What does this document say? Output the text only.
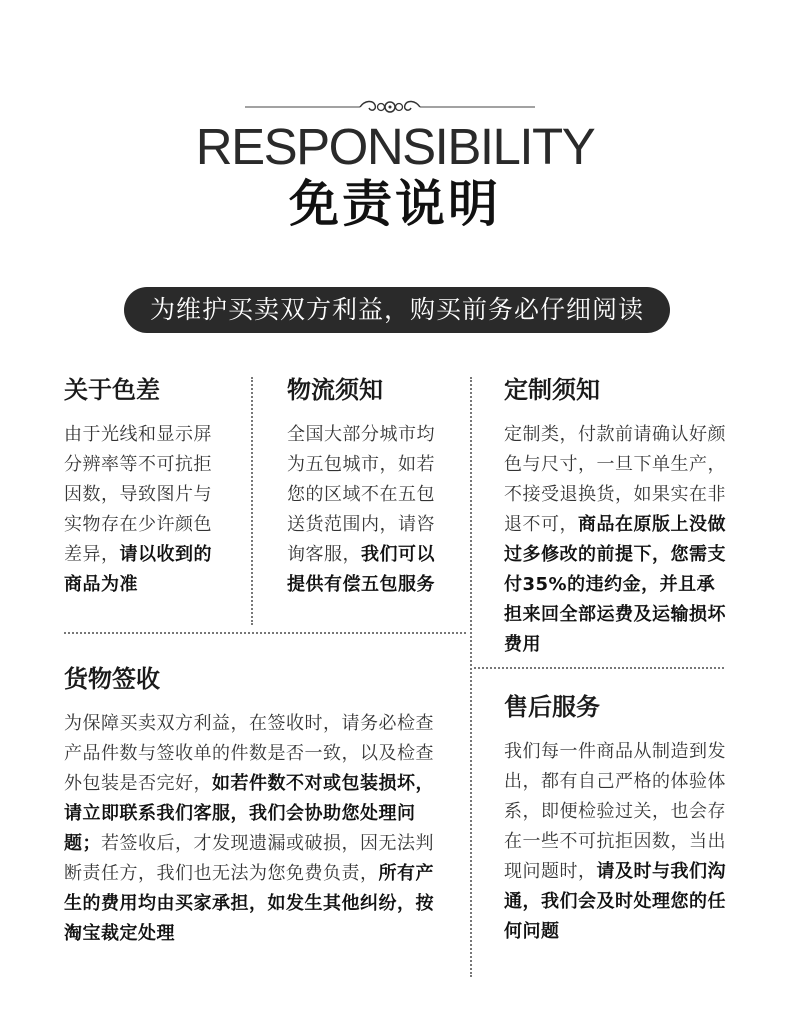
RESPONSIBILITY
免责说明
为维护买卖双方利益，购买前务必仔细阅读
关于色差

由于光线和显示屏分辨率等不可抗拒因数，导致图片与实物存在少许颜色差异，请以收到的商品为准

物流须知

全国大部分城市均为五包城市，如若您的区域不在五包送货范围内，请咨询客服，我们可以提供有偿五包服务

定制须知

定制类，付款前请确认好颜色与尺寸，一旦下单生产，不接受退换货，如果实在非退不可，商品在原版上没做过多修改的前提下，您需支付35%的违约金，并且承担来回全部运费及运输损坏费用

货物签收

为保障买卖双方利益，在签收时，请务必检查产品件数与签收单的件数是否一致，以及检查外包装是否完好，如若件数不对或包装损坏，请立即联系我们客服，我们会协助您处理问题；若签收后，才发现遗漏或破损，因无法判断责任方，我们也无法为您免费负责，所有产生的费用均由买家承担，如发生其他纠纷，按淘宝裁定处理

售后服务

我们每一件商品从制造到发出，都有自己严格的体验体系，即便检验过关，也会存在一些不可抗拒因数，当出现问题时，请及时与我们沟通，我们会及时处理您的任何问题
